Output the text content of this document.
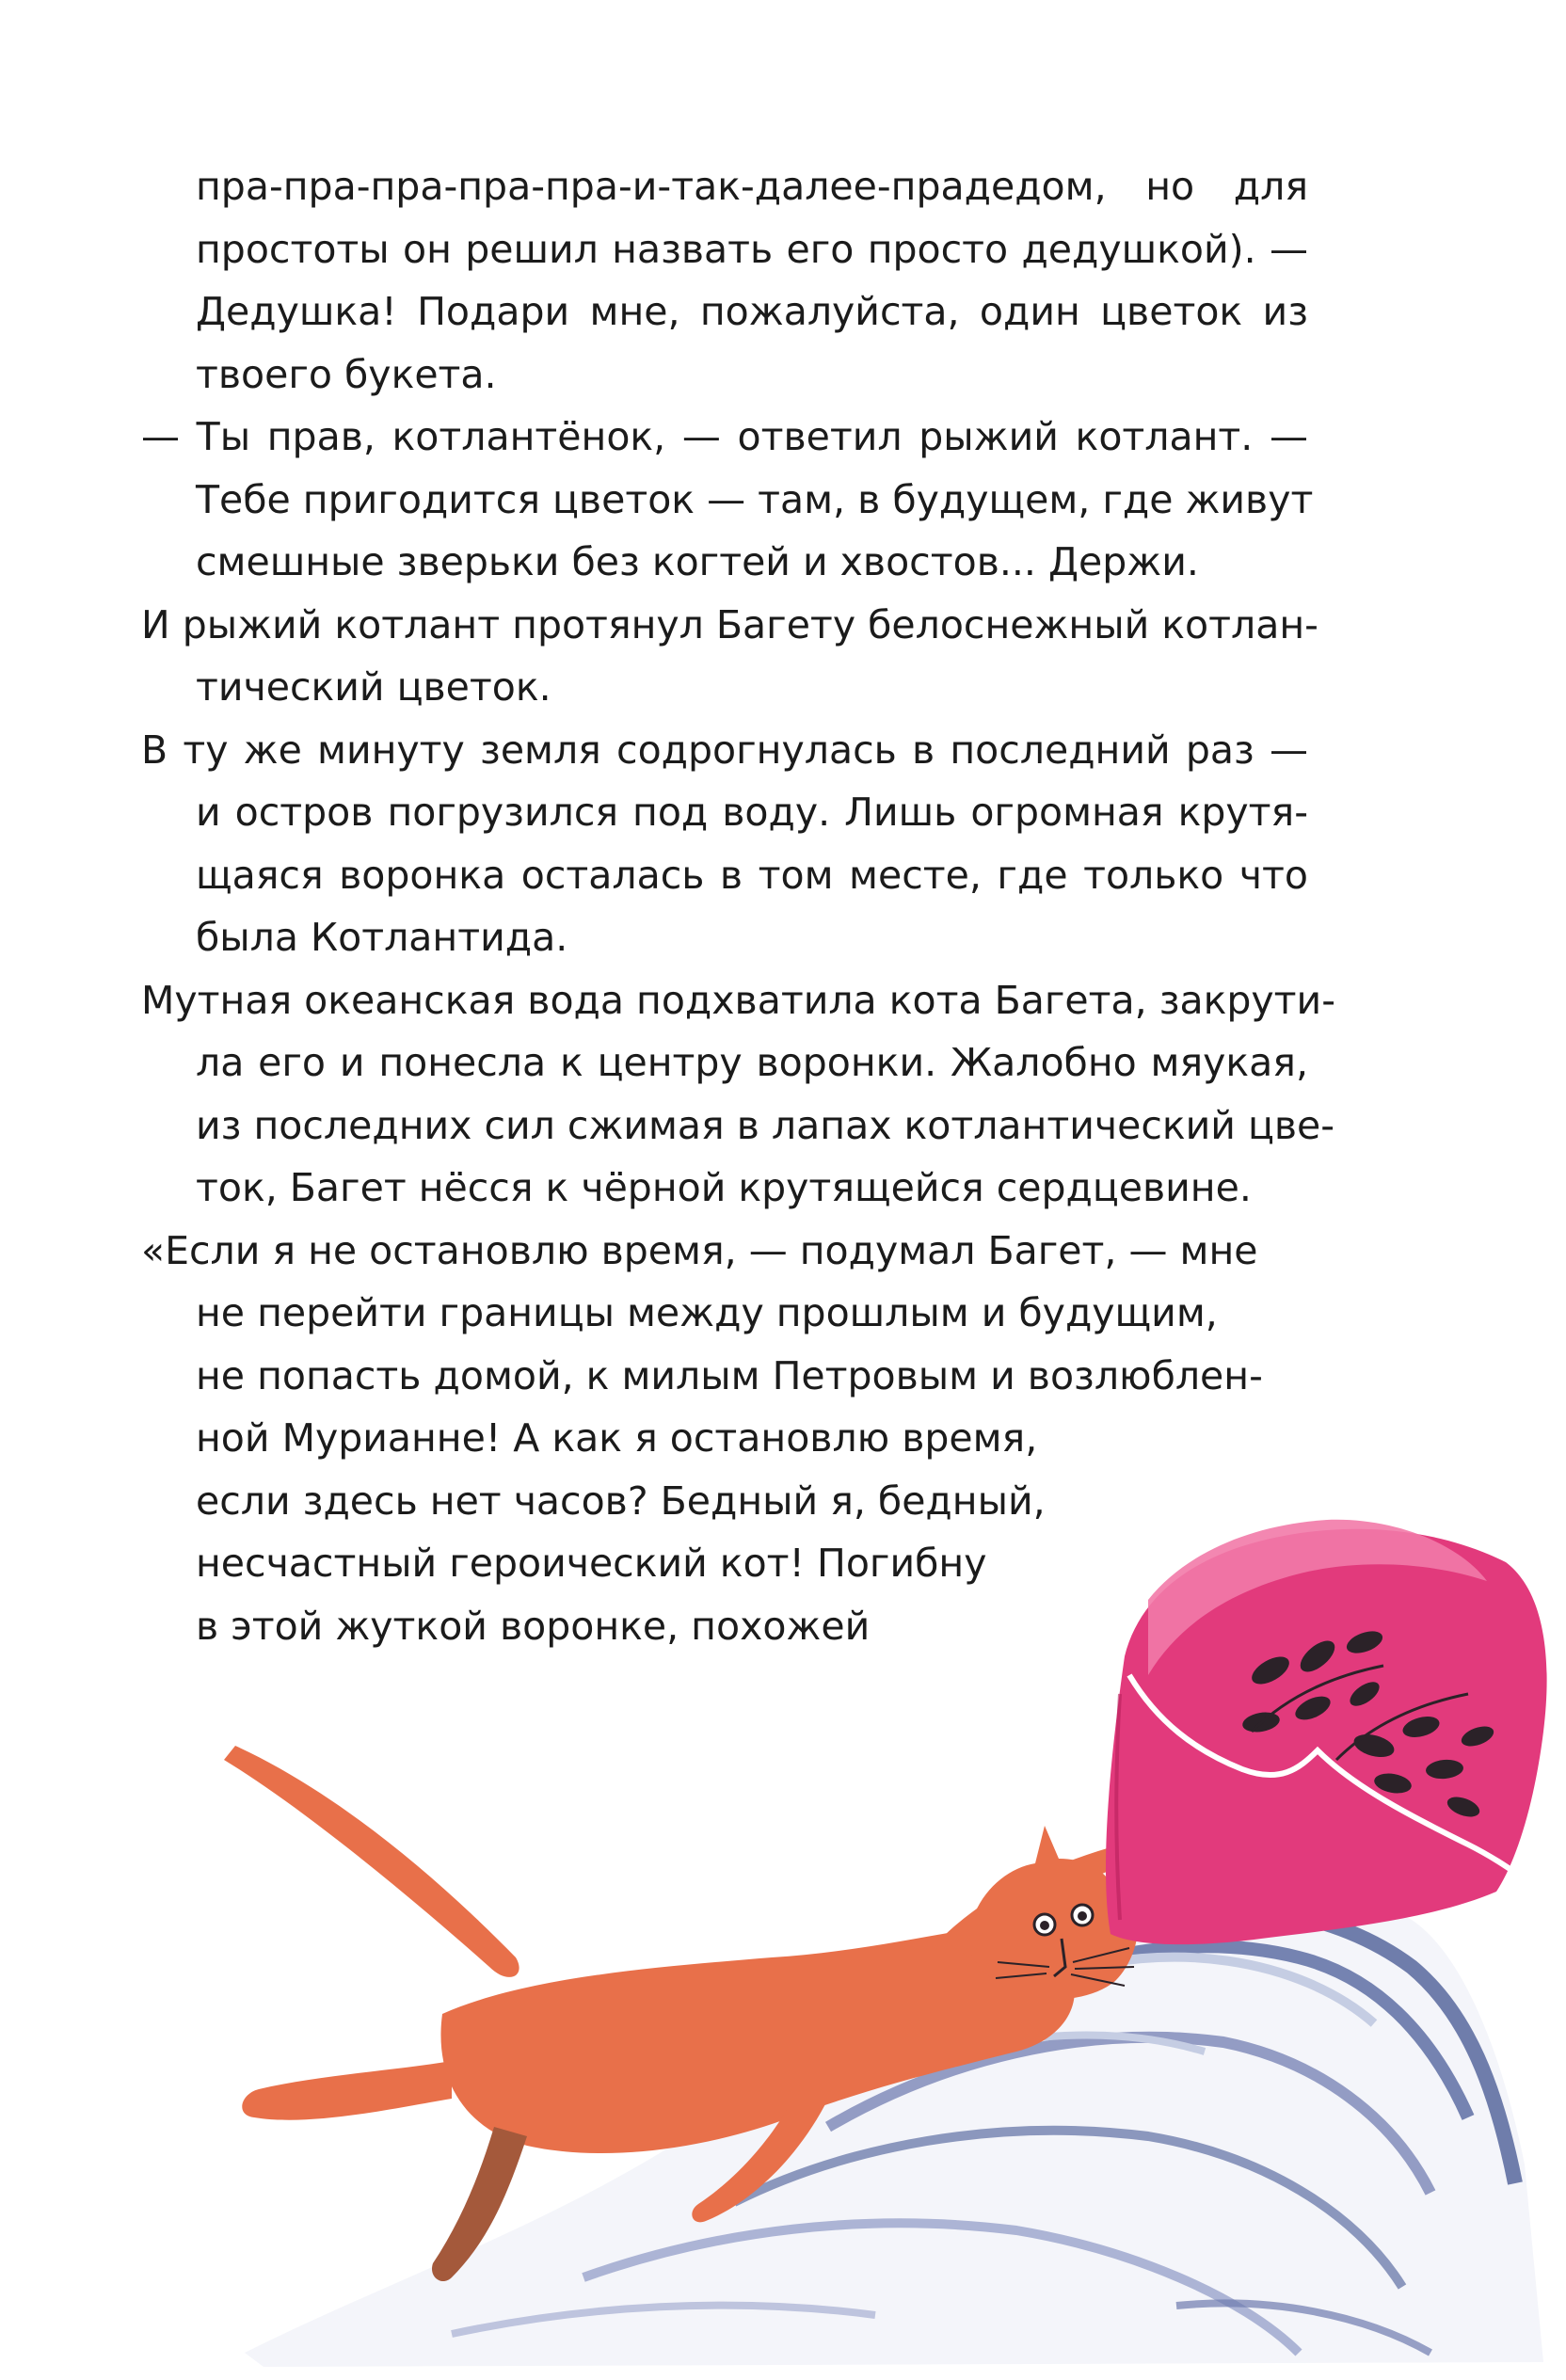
пра-пра-пра-пра-пра-и-так-далее-прадедом, но для
простоты он решил назвать его просто дедушкой). —
Дедушка! Подари мне, пожалуйста, один цветок из
твоего букета.
— Ты прав, котлантёнок, — ответил рыжий котлант. —
Тебе пригодится цветок — там, в будущем, где живут
смешные зверьки без когтей и хвостов... Держи.
И рыжий котлант протянул Багету белоснежный котлан-
тический цветок.
В ту же минуту земля содрогнулась в последний раз —
и остров погрузился под воду. Лишь огромная крутя-
щаяся воронка осталась в том месте, где только что
была Котлантида.
Мутная океанская вода подхватила кота Багета, закрути-
ла его и понесла к центру воронки. Жалобно мяукая,
из последних сил сжимая в лапах котлантический цве-
ток, Багет нёсся к чёрной крутящейся сердцевине.
«Если я не остановлю время, — подумал Багет, — мне
не перейти границы между прошлым и будущим,
не попасть домой, к милым Петровым и возлюблен-
ной Мурианне! А как я остановлю время,
если здесь нет часов? Бедный я, бедный,
несчастный героический кот! Погибну
в этой жуткой воронке, похожей
